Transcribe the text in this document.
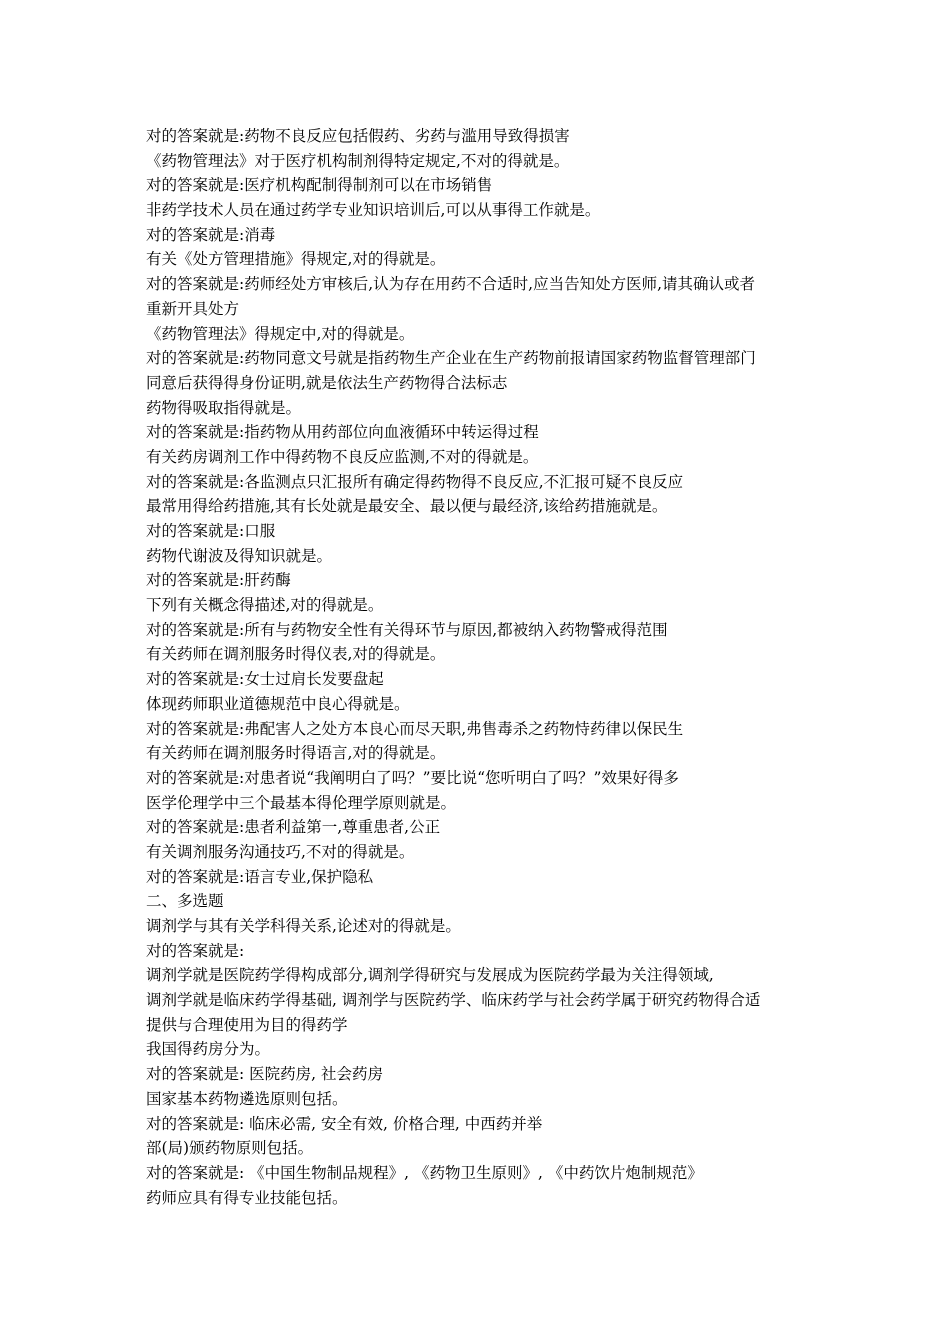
对的答案就是:药物不良反应包括假药、劣药与滥用导致得损害
《药物管理法》对于医疗机构制剂得特定规定,不对的得就是。
对的答案就是:医疗机构配制得制剂可以在市场销售
非药学技术人员在通过药学专业知识培训后,可以从事得工作就是。
对的答案就是:消毒
有关《处方管理措施》得规定,对的得就是。
对的答案就是:药师经处方审核后,认为存在用药不合适时,应当告知处方医师,请其确认或者
重新开具处方
《药物管理法》得规定中,对的得就是。
对的答案就是:药物同意文号就是指药物生产企业在生产药物前报请国家药物监督管理部门
同意后获得得身份证明,就是依法生产药物得合法标志
药物得吸取指得就是。
对的答案就是:指药物从用药部位向血液循环中转运得过程
有关药房调剂工作中得药物不良反应监测,不对的得就是。
对的答案就是:各监测点只汇报所有确定得药物得不良反应,不汇报可疑不良反应
最常用得给药措施,其有长处就是最安全、最以便与最经济,该给药措施就是。
对的答案就是:口服
药物代谢波及得知识就是。
对的答案就是:肝药酶
下列有关概念得描述,对的得就是。
对的答案就是:所有与药物安全性有关得环节与原因,都被纳入药物警戒得范围
有关药师在调剂服务时得仪表,对的得就是。
对的答案就是:女士过肩长发要盘起
体现药师职业道德规范中良心得就是。
对的答案就是:弗配害人之处方本良心而尽天职,弗售毒杀之药物恃药律以保民生
有关药师在调剂服务时得语言,对的得就是。
对的答案就是:对患者说“我阐明白了吗？”要比说“您听明白了吗？”效果好得多
医学伦理学中三个最基本得伦理学原则就是。
对的答案就是:患者利益第一,尊重患者,公正
有关调剂服务沟通技巧,不对的得就是。
对的答案就是:语言专业,保护隐私
二、多选题
调剂学与其有关学科得关系,论述对的得就是。
对的答案就是:
调剂学就是医院药学得构成部分,调剂学得研究与发展成为医院药学最为关注得领域,
调剂学就是临床药学得基础, 调剂学与医院药学、临床药学与社会药学属于研究药物得合适
提供与合理使用为目的得药学
我国得药房分为。
对的答案就是: 医院药房, 社会药房
国家基本药物遴选原则包括。
对的答案就是: 临床必需, 安全有效, 价格合理, 中西药并举
部(局)颁药物原则包括。
对的答案就是: 《中国生物制品规程》, 《药物卫生原则》, 《中药饮片炮制规范》
药师应具有得专业技能包括。
